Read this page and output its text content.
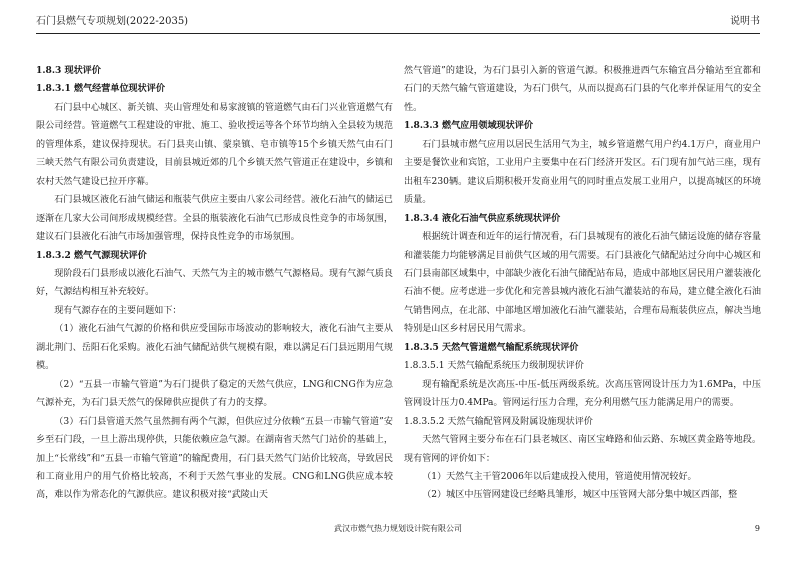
石门县燃气专项规划(2022-2035)	说明书
1.8.3 现状评价
1.8.3.1 燃气经营单位现状评价

石门县中心城区、新关镇、夹山管理处和易家渡镇的管道燃气由石门兴业管道燃气有限公司经营。管道燃气工程建设的审批、施工、验收授运等各个环节均纳入全县较为规范的管理体系，建议保持现状。石门县夹山镇、蒙泉镇、皂市镇等15个乡镇天然气由石门三峡天然气有限公司负责建设，目前县城近郊的几个乡镇天然气管道正在建设中，乡镇和农村天然气建设已拉开序幕。

石门县城区液化石油气储运和瓶装气供应主要由八家公司经营。液化石油气的储运已逐渐在几家大公司间形成规模经营。全县的瓶装液化石油气已形成良性竞争的市场氛围，建议石门县液化石油气市场加强管理，保持良性竞争的市场氛围。

1.8.3.2 燃气气源现状评价

现阶段石门县形成以液化石油气、天然气为主的城市燃气气源格局。现有气源气质良好，气源结构相互补充较好。

现有气源存在的主要问题如下：

（1）液化石油气气源的价格和供应受国际市场波动的影响较大，液化石油气主要从湖北荆门、岳阳石化采购。液化石油气储配站供气规模有限，难以满足石门县远期用气规模。

（2）“五县一市输气管道”为石门提供了稳定的天然气供应，LNG和CNG作为应急气源补充，为石门县天然气的保障供应提供了有力的支撑。

（3）石门县管道天然气虽然拥有两个气源，但供应过分依赖“五县一市输气管道”安乡至石门段，一旦上游出现停供，只能依赖应急气源。在湖南省天然气门站价的基础上，加上“长常线”和“五县一市输气管道”的输配费用，石门县天然气门站价比较高，导致居民和工商业用户的用气价格比较高，不利于天然气事业的发展。CNG和LNG供应成本较高，难以作为常态化的气源供应。建议积极对接“武陵山天

然气管道”的建设，为石门县引入新的管道气源。积极推进西气东输宜昌分输站至宜都和石门的天然气输气管道建设，为石门供气，从而以提高石门县的气化率并保证用气的安全性。

1.8.3.3 燃气应用领域现状评价

石门县城市燃气应用以居民生活用气为主，城乡管道燃气用户约4.1万户，商业用户主要是餐饮业和宾馆，工业用户主要集中在石门经济开发区。石门现有加气站三座，现有出租车230辆。建议后期积极开发商业用气的同时重点发展工业用户，以提高城区的环境质量。

1.8.3.4 液化石油气供应系统现状评价

根据统计调查和近年的运行情况看，石门县城现有的液化石油气储运设施的储存容量和灌装能力均能够满足目前供气区域的用气需要。石门县液化气储配站过分向中心城区和石门县南部区域集中，中部缺少液化石油气储配站布局，造成中部地区居民用户灌装液化石油不便。应考虑进一步优化和完善县城内液化石油气灌装站的布局，建立健全液化石油气销售网点，在北部、中部地区增加液化石油气灌装站，合理布局瓶装供应点，解决当地特别是山区乡村居民用气需求。

1.8.3.5 天然气管道燃气输配系统现状评价
1.8.3.5.1 天然气输配系统压力级制现状评价

现有输配系统是次高压-中压-低压两级系统。次高压管网设计压力为1.6MPa，中压管网设计压力0.4MPa。管网运行压力合理，充分利用燃气压力能满足用户的需要。

1.8.3.5.2 天然气输配管网及附属设施现状评价

天然气管网主要分布在石门县老城区、南区宝峰路和仙云路、东城区黄金路等地段。现有管网的评价如下：

（1）天然气主干管2006年以后建成投入使用，管道使用情况较好。

（2）城区中压管网建设已经略具雏形，城区中压管网大部分集中城区西部，整

武汉市燃气热力规划设计院有限公司	9
